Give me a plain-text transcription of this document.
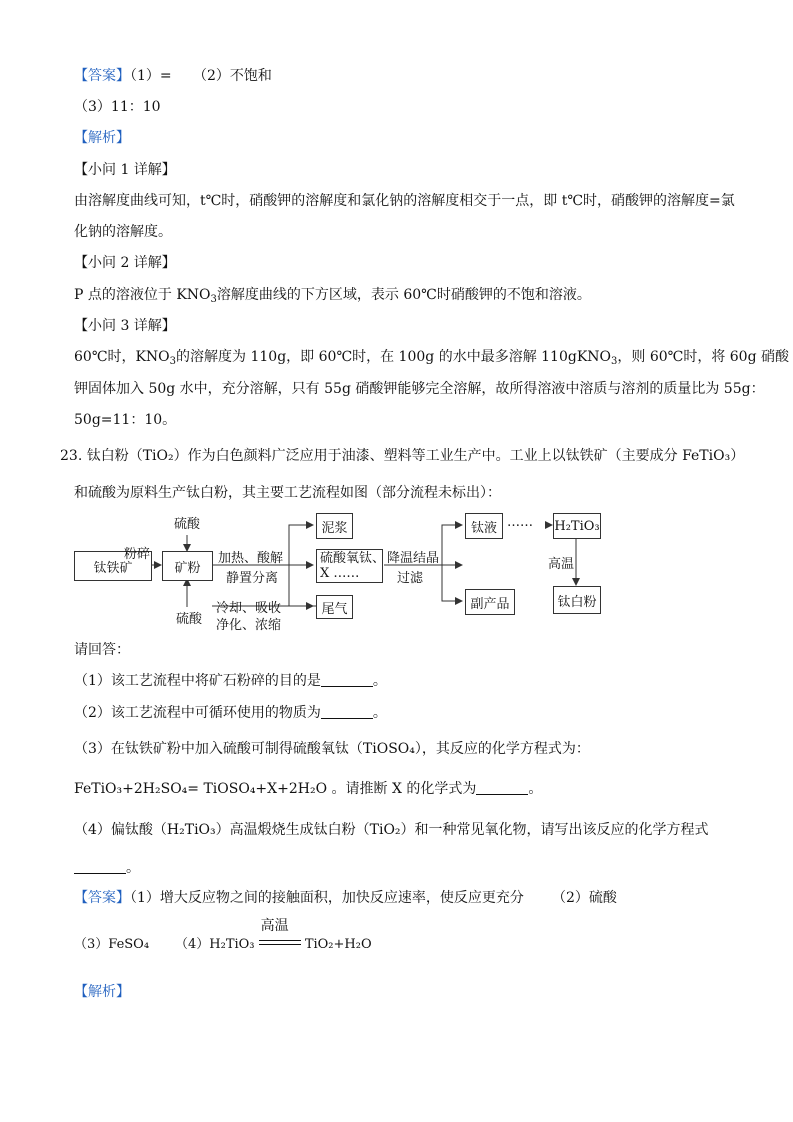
【答案】（1）= （2）不饱和
（3）11：10
【解析】
【小问 1 详解】
由溶解度曲线可知，t℃时，硝酸钾的溶解度和氯化钠的溶解度相交于一点，即 t℃时，硝酸钾的溶解度=氯
化钠的溶解度。
【小问 2 详解】
P 点的溶液位于 $KNO_3$溶解度曲线的下方区域，表示 60℃时硝酸钾的不饱和溶液。
【小问 3 详解】
60℃时，$KNO_3$的溶解度为 110g，即 60℃时，在 100g 的水中最多溶解 110gKNO$_3$，则 60℃时，将 60g 硝酸
钾固体加入 50g 水中，充分溶解，只有 55g 硝酸钾能够完全溶解，故所得溶液中溶质与溶剂的质量比为 55g：
50g=11：10。
23. 钛白粉（TiO₂）作为白色颜料广泛应用于油漆、塑料等工业生产中。工业上以钛铁矿（主要成分 FeTiO₃）
和硫酸为原料生产钛白粉，其主要工艺流程如图（部分流程未标出）：
钛铁矿
粉碎
硫酸
矿粉
加热、酸解
静置分离
泥浆
硫酸氧钛、
X ……
尾气
硫酸
冷却、吸收
净化、浓缩
降温结晶
过滤
钛液 …… H₂TiO₃
高温
副产品	钛白粉
请回答：
（1）该工艺流程中将矿石粉碎的目的是	。
（2）该工艺流程中可循环使用的物质为	。
（3）在钛铁矿粉中加入硫酸可制得硫酸氧钛（TiOSO₄），其反应的化学方程式为：
FeTiO₃+2H₂SO₄= TiOSO₄+X+2H₂O 。请推断 X 的化学式为	。
（4）偏钛酸（H₂TiO₃）高温煅烧生成钛白粉（TiO₂）和一种常见氧化物，请写出该反应的化学方程式
。
【答案】（1）增大反应物之间的接触面积，加快反应速率，使反应更充分 （2）硫酸
（3）FeSO₄ （4）H₂TiO₃
高温
TiO₂+H₂O
【解析】
